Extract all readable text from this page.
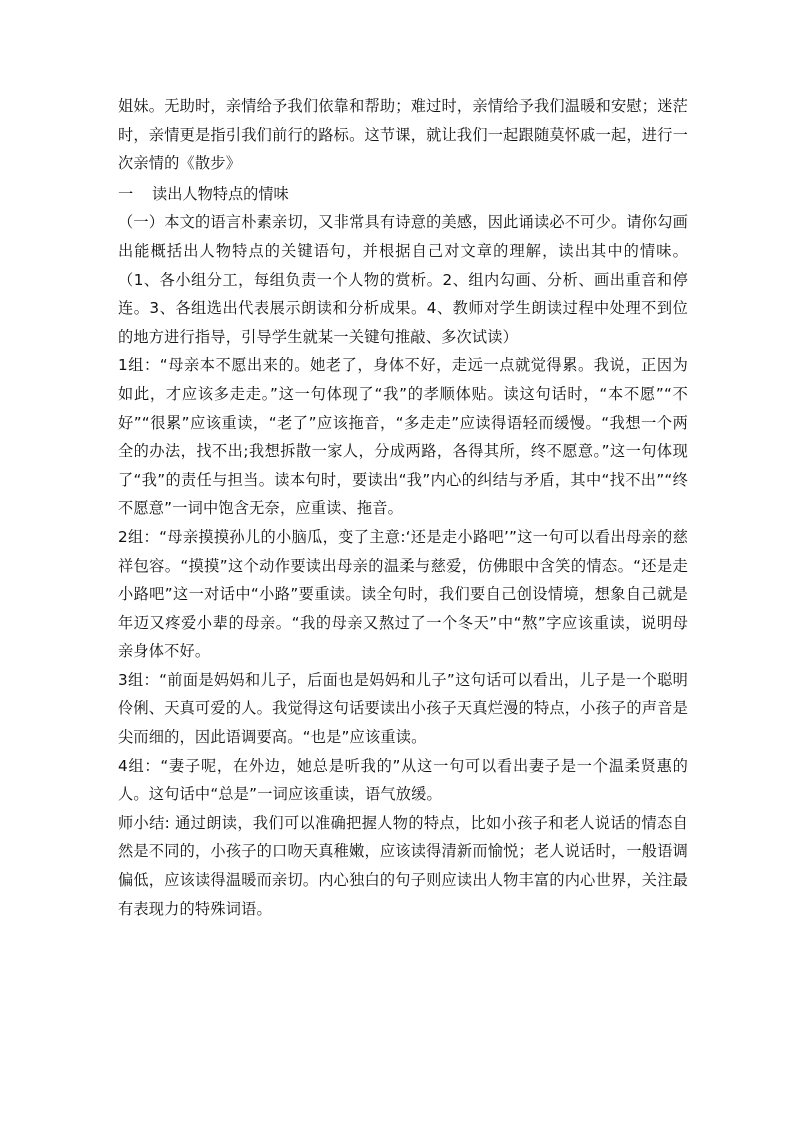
姐妹。无助时，亲情给予我们依靠和帮助；难过时，亲情给予我们温暖和安慰；迷茫时，亲情更是指引我们前行的路标。这节课，就让我们一起跟随莫怀戚一起，进行一次亲情的《散步》

一 读出人物特点的情味

（一）本文的语言朴素亲切，又非常具有诗意的美感，因此诵读必不可少。请你勾画出能概括出人物特点的关键语句，并根据自己对文章的理解，读出其中的情味。 （1、各小组分工，每组负责一个人物的赏析。2、组内勾画、分析、画出重音和停连。3、各组选出代表展示朗读和分析成果。4、教师对学生朗读过程中处理不到位的地方进行指导，引导学生就某一关键句推敲、多次试读）

1组：“母亲本不愿出来的。她老了，身体不好，走远一点就觉得累。我说，正因为如此，才应该多走走。”这一句体现了“我”的孝顺体贴。读这句话时，“本不愿”“不好”“很累”应该重读，“老了”应该拖音，“多走走”应读得语轻而缓慢。“我想一个两全的办法，找不出;我想拆散一家人，分成两路，各得其所，终不愿意。”这一句体现了“我”的责任与担当。读本句时，要读出“我”内心的纠结与矛盾，其中“找不出”“终不愿意”一词中饱含无奈，应重读、拖音。

2组：“母亲摸摸孙儿的小脑瓜，变了主意:‘还是走小路吧’”这一句可以看出母亲的慈祥包容。“摸摸”这个动作要读出母亲的温柔与慈爱，仿佛眼中含笑的情态。“还是走小路吧”这一对话中“小路”要重读。读全句时，我们要自己创设情境，想象自己就是年迈又疼爱小辈的母亲。“我的母亲又熬过了一个冬天”中“熬”字应该重读，说明母亲身体不好。

3组：“前面是妈妈和儿子，后面也是妈妈和儿子”这句话可以看出，儿子是一个聪明伶俐、天真可爱的人。我觉得这句话要读出小孩子天真烂漫的特点，小孩子的声音是尖而细的，因此语调要高。“也是”应该重读。

4组：“妻子呢，在外边，她总是听我的”从这一句可以看出妻子是一个温柔贤惠的人。这句话中“总是”一词应该重读，语气放缓。

师小结: 通过朗读，我们可以准确把握人物的特点，比如小孩子和老人说话的情态自然是不同的，小孩子的口吻天真稚嫩，应该读得清新而愉悦；老人说话时，一般语调偏低，应该读得温暖而亲切。内心独白的句子则应读出人物丰富的内心世界，关注最有表现力的特殊词语。
